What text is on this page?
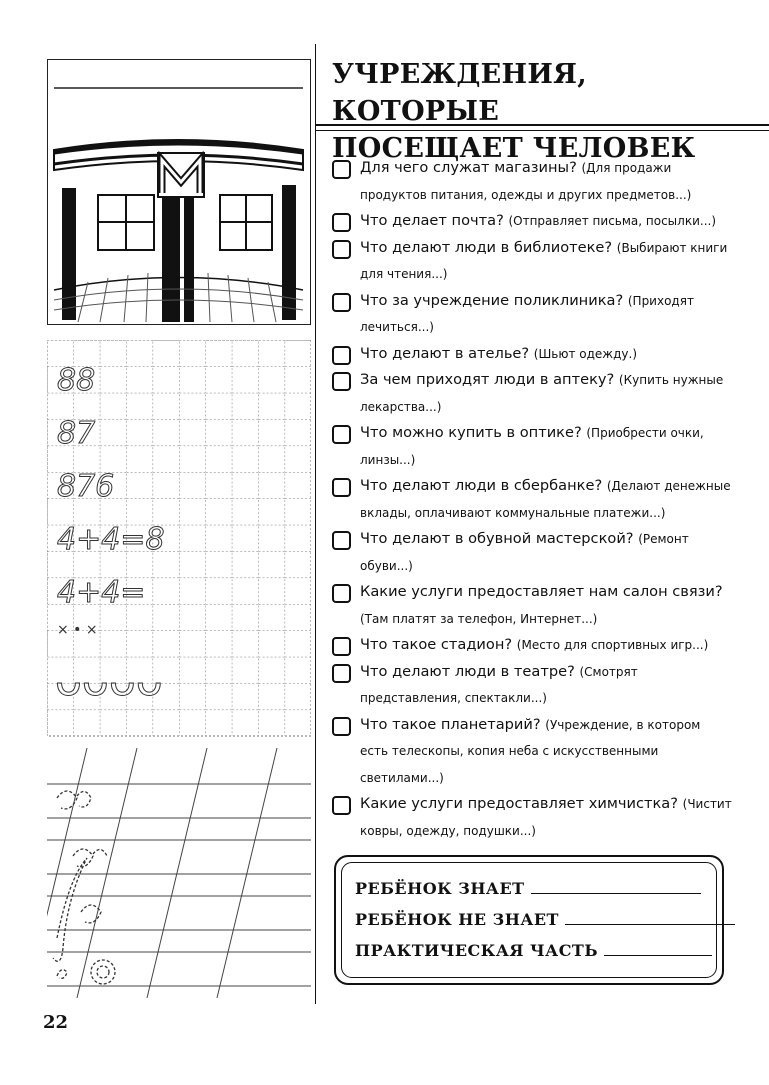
88
87
876
4+4=8
4+4=
× • ×
ᴗᴗᴗᴗ
УЧРЕЖДЕНИЯ, КОТОРЫЕ
ПОСЕЩАЕТ ЧЕЛОВЕК
Для чего служат магазины? (Для продажи продуктов питания, одежды и других предметов...)
Что делает почта? (Отправляет письма, посылки...)
Что делают люди в библиотеке? (Выбирают книги для чтения...)
Что за учреждение поликлиника? (Приходят лечиться...)
Что делают в ателье? (Шьют одежду.)
За чем приходят люди в аптеку? (Купить нужные лекарства...)
Что можно купить в оптике? (Приобрести очки, линзы...)
Что делают люди в сбербанке? (Делают денежные вклады, оплачивают коммунальные платежи...)
Что делают в обувной мастерской? (Ремонт обуви...)
Какие услуги предоставляет нам салон связи? (Там платят за телефон, Интернет...)
Что такое стадион? (Место для спортивных игр...)
Что делают люди в театре? (Смотрят представления, спектакли...)
Что такое планетарий? (Учреждение, в котором есть телескопы, копия неба с искусственными светилами...)
Какие услуги предоставляет химчистка? (Чистит ковры, одежду, подушки...)
РЕБЁНОК ЗНАЕТ
РЕБЁНОК НЕ ЗНАЕТ
ПРАКТИЧЕСКАЯ ЧАСТЬ
22
